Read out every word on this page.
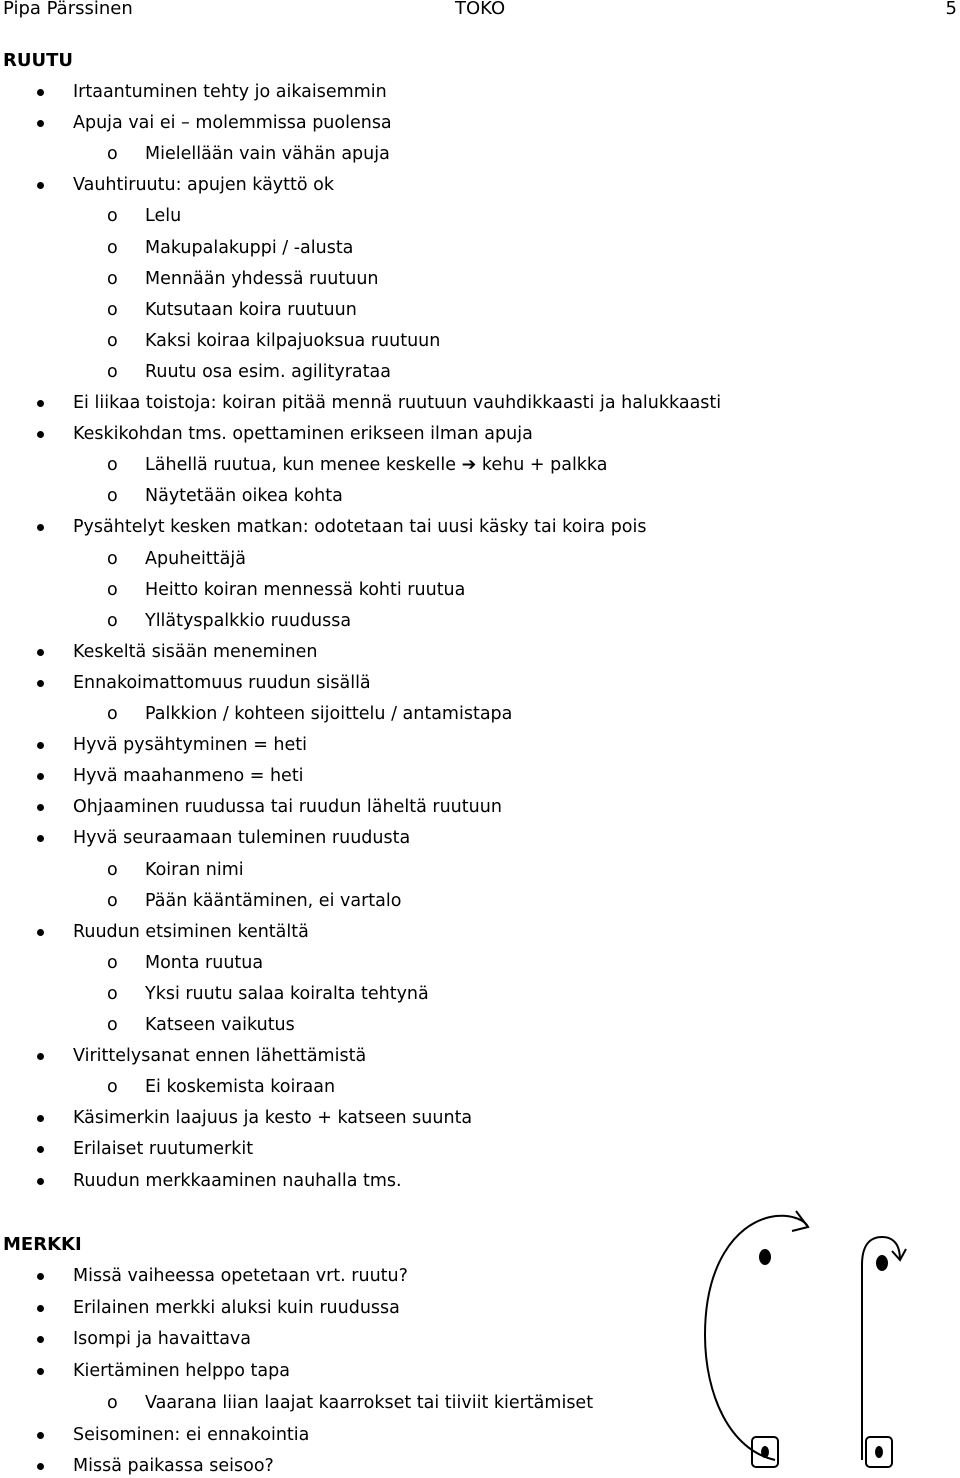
Pipa Pärssinen	TOKO	5
RUUTU
Irtaantuminen tehty jo aikaisemmin
Apuja vai ei – molemmissa puolensa
o Mielellään vain vähän apuja
Vauhtiruutu: apujen käyttö ok
o Lelu
o Makupalakuppi / -alusta
o Mennään yhdessä ruutuun
o Kutsutaan koira ruutuun
o Kaksi koiraa kilpajuoksua ruutuun
o Ruutu osa esim. agilityrataa
Ei liikaa toistoja: koiran pitää mennä ruutuun vauhdikkaasti ja halukkaasti
Keskikohdan tms. opettaminen erikseen ilman apuja
o Lähellä ruutua, kun menee keskelle ➔ kehu + palkka
o Näytetään oikea kohta
Pysähtelyt kesken matkan: odotetaan tai uusi käsky tai koira pois
o Apuheittäjä
o Heitto koiran mennessä kohti ruutua
o Yllätyspalkkio ruudussa
Keskeltä sisään meneminen
Ennakoimattomuus ruudun sisällä
o Palkkion / kohteen sijoittelu / antamistapa
Hyvä pysähtyminen = heti
Hyvä maahanmeno = heti
Ohjaaminen ruudussa tai ruudun läheltä ruutuun
Hyvä seuraamaan tuleminen ruudusta
o Koiran nimi
o Pään kääntäminen, ei vartalo
Ruudun etsiminen kentältä
o Monta ruutua
o Yksi ruutu salaa koiralta tehtynä
o Katseen vaikutus
Virittelysanat ennen lähettämistä
o Ei koskemista koiraan
Käsimerkin laajuus ja kesto + katseen suunta
Erilaiset ruutumerkit
Ruudun merkkaaminen nauhalla tms.
MERKKI
Missä vaiheessa opetetaan vrt. ruutu?
Erilainen merkki aluksi kuin ruudussa
Isompi ja havaittava
Kiertäminen helppo tapa
o Vaarana liian laajat kaarrokset tai tiiviit kiertämiset
Seisominen: ei ennakointia
Missä paikassa seisoo?
